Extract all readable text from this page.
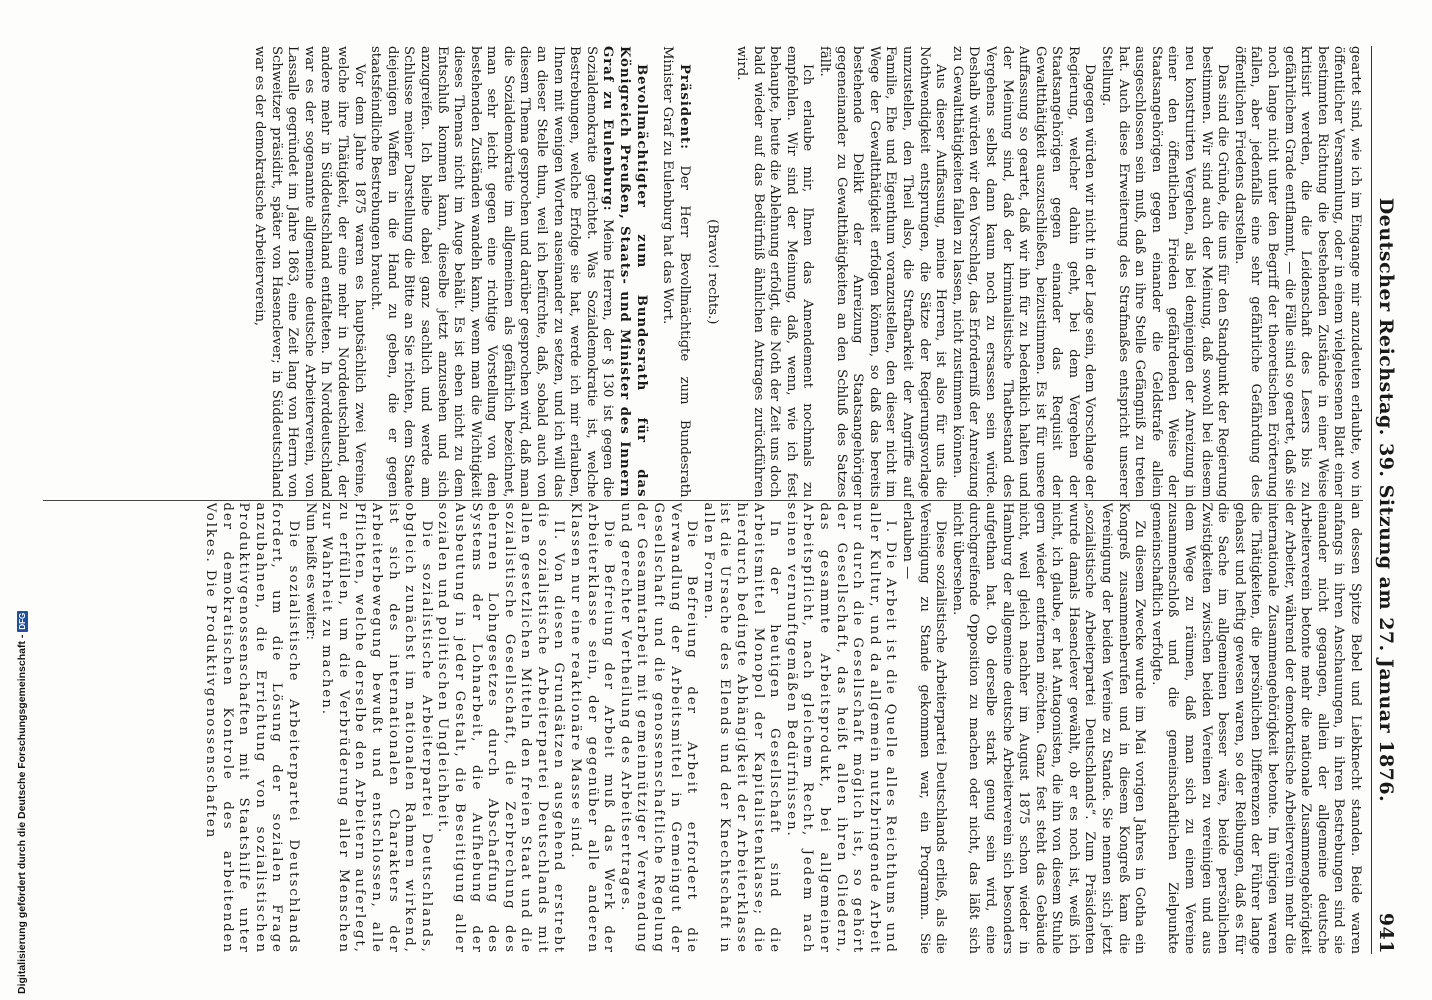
Deutscher Reichstag. 39. Sitzung am 27. Januar 1876.
941

geartet sind, wie ich im Eingange mir anzudeuten erlaubte, wo in öffentlicher Versammlung, oder in einem vielgelesenen Blatt einer bestimmten Richtung die bestehenden Zustände in einer Weise kritisirt werden, die die Leidenschaft des Lesers bis zu gefährlichem Grade entflammt, — die Fälle sind so geartet, daß sie noch lange nicht unter den Begriff der theoretischen Erörterung fallen, aber jedenfalls eine sehr gefährliche Gefährdung des öffentlichen Friedens darstellen.

Das sind die Gründe, die uns für den Standpunkt der Regierung bestimmen. Wir sind auch der Meinung, daß sowohl bei diesem neu konstruirten Vergehen, als bei demjenigen der Anreizung in einer den öffentlichen Frieden gefährdenden Weise der Staatsangehörigen gegen einander die Geldstrafe allein ausgeschlossen sein muß, daß an ihre Stelle Gefängniß zu treten hat. Auch diese Erweiterung des Strafmaßes entspricht unserer Stellung.

Dagegen würden wir nicht in der Lage sein, dem Vorschlage der Regierung, welcher dahin geht, bei dem Vergehen der Staatsangehörigen gegen einander das Requisit der Gewaltthätigkeit auszuschließen, beizustimmen. Es ist für unsere Auffassung so geartet, daß wir ihn für zu bedenklich halten und der Meinung sind, daß der kriminalistische Thatbestand des Vergehens selbst dann kaum noch zu ersassen sein würde. Deshalb würden wir den Vorschlag, das Erforderniß der Anreizung zu Gewaltthätigkeiten fallen zu lassen, nicht zustimmen können.

Aus dieser Auffassung, meine Herren, ist also für uns die Nothwendigkeit entsprungen, die Sätze der Regierungsvorlage umzustellen, den Theil also, die Strafbarkeit der Angriffe auf Familie, Ehe und Eigenthum voranzustellen, den dieser nicht im Wege der Gewaltthätigkeit erfolgen können, so daß das bereits bestehende Delikt der Anreizung Staatsangehöriger gegeneinander zu Gewaltthätigkeiten an den Schluß des Satzes fällt.

Ich erlaube mir, Ihnen das Amendement nochmals zu empfehlen. Wir sind der Meinung, daß, wenn, wie ich fest behaupte, heute die Ablehnung erfolgt, die Noth der Zeit uns doch bald wieder auf das Bedürfniß ähnlichen Antrages zurückführen wird.

(Bravo! rechts.)

Präsident: Der Herr Bevollmächtigte zum Bundesrath Minister Graf zu Eulenburg hat das Wort.

Bevollmächtigter zum Bundesrath für das Königreich Preußen, Staats- und Minister des Innern Graf zu Eulenburg: Meine Herren, der § 130 ist gegen die Sozialdemokratie gerichtet. Was Sozialdemokratie ist, welche Bestrebungen, welche Erfolge sie hat, werde ich mir erlauben, Ihnen mit wenigen Worten auseinander zu setzen, und ich will das an dieser Stelle thun, weil ich befürchte, daß, sobald auch von diesem Thema gesprochen und darüber gesprochen wird, daß man die Sozialdemokratie im allgemeinen als gefährlich bezeichnet, man sehr leicht gegen eine richtige Vorstellung von den bestehenden Zuständen wandeln kann, wenn man die Wichtigkeit dieses Themas nicht im Auge behält. Es ist eben nicht zu dem Entschluß kommen kann, dieselbe jetzt anzusehen und sich anzugreifen. Ich bleibe dabei ganz sachlich und werde am Schlusse meiner Darstellung die Bitte an Sie richten, dem Staate diejenigen Waffen in die Hand zu geben, die er gegen staatsfeindliche Bestrebungen braucht.

Vor dem Jahre 1875 waren es hauptsächlich zwei Vereine, welche ihre Thätigkeit, der eine mehr in Norddeutschland, der andere mehr in Süddeutschland entfalteten. In Norddeutschland war es der sogenannte allgemeine deutsche Arbeiterverein, von Lassalle gegründet im Jahre 1863, eine Zeit lang von Herrn von Schweitzer präsidirt, später von Hasenclever; in Süddeutschland war es der demokratische Arbeiterverein,

an dessen Spitze Bebel und Liebknecht standen. Beide waren anfangs in ihren Anschauungen, in ihren Bestrebungen sind sie einander nicht gegangen, allein der allgemeine deutsche Arbeiterverein betonte mehr die nationale Zusammengehörigkeit der Arbeiter, während der demokratische Arbeiterverein mehr die internationale Zusammengehörigkeit betonte. Im übrigen waren die Thätigkeiten, die persönlichen Differenzen der Führer lange gehasst und heftig gewesen waren, so der Reibungen, daß es für die Sache im allgemeinen besser wäre, beide persönlichen Zwistigkeiten zwischen beiden Vereinen zu vereinigen und aus dem Wege zu räumen, daß man sich zu einem Vereine zusammenschloß und die gemeinschaftlichen Zielpunkte gemeinschaftlich verfolgte.

Zu diesem Zwecke wurde im Mai vorigen Jahres in Gotha ein Kongreß zusammenberufen und in diesem Kongreß kam die Vereinigung der beiden Vereine zu Stande. Sie nennen sich jetzt „sozialistische Arbeiterpartei Deutschlands“. Zum Präsidenten wurde damals Hasenclever gewählt, ob er es noch ist, weiß ich nicht, ich glaube, er hat Antagonisten, die ihn von diesem Stuhle gern wieder entfernen möchten. Ganz fest steht das Gebäude nicht, weil gleich nachher im August 1875 schon wieder in Hamburg der allgemeine deutsche Arbeiterverein sich besonders aufgethan hat. Ob derselbe stark genug sein wird, eine durchgreifende Opposition zu machen oder nicht, das läßt sich nicht übersehen.

Diese sozialistische Arbeiterpartei Deutschlands erließ, als die Vereinigung zu Stande gekommen war, ein Programm. Sie erlauben —

I. Die Arbeit ist die Quelle alles Reichthums und aller Kultur, und da allgemein nutzbringende Arbeit nur durch die Gesellschaft möglich ist, so gehört der Gesellschaft, das heißt allen ihren Gliedern, das gesammte Arbeitsprodukt, bei allgemeiner Arbeitspflicht, nach gleichem Recht, Jedem nach seinen vernunftgemäßen Bedürfnissen.

In der heutigen Gesellschaft sind die Arbeitsmittel Monopol der Kapitalistenklasse; die hierdurch bedingte Abhängigkeit der Arbeiterklasse ist die Ursache des Elends und der Knechtschaft in allen Formen.

Die Befreiung der Arbeit erfordert die Verwandlung der Arbeitsmittel in Gemeingut der Gesellschaft und die genossenschaftliche Regelung der Gesammtarbeit mit gemeinnütziger Verwendung und gerechter Vertheilung des Arbeitsertrages.

Die Befreiung der Arbeit muß das Werk der Arbeiterklasse sein, der gegenüber alle anderen Klassen nur eine reaktionäre Masse sind.

II. Von diesen Grundsätzen ausgehend erstrebt die sozialistische Arbeiterpartei Deutschlands mit allen gesetzlichen Mitteln den freien Staat und die sozialistische Gesellschaft, die Zerbrechung des ehernen Lohngesetzes durch Abschaffung des Systems der Lohnarbeit, die Aufhebung der Ausbeutung in jeder Gestalt, die Beseitigung aller sozialen und politischen Ungleichheit.

Die sozialistische Arbeiterpartei Deutschlands, obgleich zunächst im nationalen Rahmen wirkend, ist sich des internationalen Charakters der Arbeiterbewegung bewußt und entschlossen, alle Pflichten, welche derselbe den Arbeitern auferlegt, zu erfüllen, um die Verbrüderung aller Menschen zur Wahrheit zu machen.

Nun heißt es weiter:

Die sozialistische Arbeiterpartei Deutschlands fordert, um die Lösung der sozialen Frage anzubahnen, die Errichtung von sozialistischen Produktivgenossenschaften mit Staatshilfe unter der demokratischen Kontrole des arbeitenden Volkes. Die Produktivgenossenschaften

Digitalisierung gefördert durch die Deutsche Forschungsgemeinschaft -
DFG
